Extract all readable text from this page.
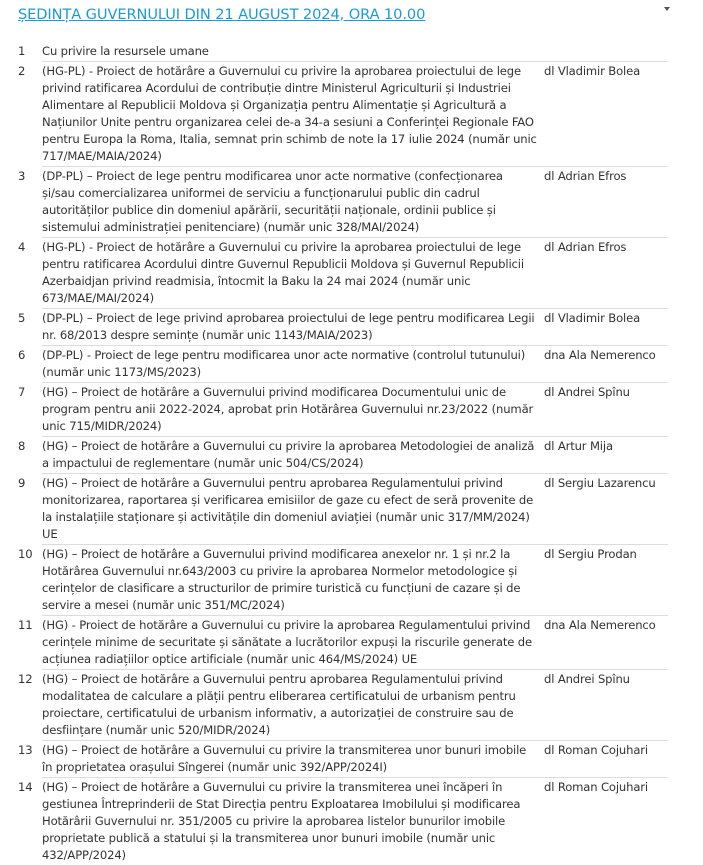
ȘEDINȚA GUVERNULUI DIN 21 AUGUST 2024, ORA 10.00
1	Cu privire la resursele umane	
2	(HG-PL) - Proiect de hotărâre a Guvernului cu privire la aprobarea proiectului de lege privind ratificarea Acordului de contribuție dintre Ministerul Agriculturii și Industriei Alimentare al Republicii Moldova și Organizația pentru Alimentație și Agricultură a Națiunilor Unite pentru organizarea celei de-a 34-a sesiuni a Conferinței Regionale FAO pentru Europa la Roma, Italia, semnat prin schimb de note la 17 iulie 2024 (număr unic 717/MAE/MAIA/2024)	dl Vladimir Bolea
3	(DP-PL) – Proiect de lege pentru modificarea unor acte normative (confecționarea și/sau comercializarea uniformei de serviciu a funcționarului public din cadrul autorităților publice din domeniul apărării, securității naționale, ordinii publice și sistemului administrației penitenciare) (număr unic 328/MAI/2024)	dl Adrian Efros
4	(HG-PL) - Proiect de hotărâre a Guvernului cu privire la aprobarea proiectului de lege pentru ratificarea Acordului dintre Guvernul Republicii Moldova și Guvernul Republicii Azerbaidjan privind readmisia, întocmit la Baku la 24 mai 2024 (număr unic 673/MAE/MAI/2024)	dl Adrian Efros
5	(DP-PL) – Proiect de lege privind aprobarea proiectului de lege pentru modificarea Legii nr. 68/2013 despre semințe (număr unic 1143/MAIA/2023)	dl Vladimir Bolea
6	(DP-PL) - Proiect de lege pentru modificarea unor acte normative (controlul tutunului) (număr unic 1173/MS/2023)	dna Ala Nemerenco
7	(HG) – Proiect de hotărâre a Guvernului privind modificarea Documentului unic de program pentru anii 2022-2024, aprobat prin Hotărârea Guvernului nr.23/2022 (număr unic 715/MIDR/2024)	dl Andrei Spînu
8	(HG) – Proiect de hotărâre a Guvernului cu privire la aprobarea Metodologiei de analiză a impactului de reglementare (număr unic 504/CS/2024)	dl Artur Mija
9	(HG) – Proiect de hotărâre a Guvernului pentru aprobarea Regulamentului privind monitorizarea, raportarea și verificarea emisiilor de gaze cu efect de seră provenite de la instalațiile staționare și activitățile din domeniul aviației (număr unic 317/MM/2024) UE	dl Sergiu Lazarencu
10	(HG) – Proiect de hotărâre a Guvernului privind modificarea anexelor nr. 1 și nr.2 la Hotărârea Guvernului nr.643/2003 cu privire la aprobarea Normelor metodologice și cerințelor de clasificare a structurilor de primire turistică cu funcțiuni de cazare și de servire a mesei (număr unic 351/MC/2024)	dl Sergiu Prodan
11	(HG) - Proiect de hotărâre a Guvernului cu privire la aprobarea Regulamentului privind cerințele minime de securitate și sănătate a lucrătorilor expuși la riscurile generate de acțiunea radiațiilor optice artificiale (număr unic 464/MS/2024) UE	dna Ala Nemerenco
12	(HG) – Proiect de hotărâre a Guvernului pentru aprobarea Regulamentului privind modalitatea de calculare a plății pentru eliberarea certificatului de urbanism pentru proiectare, certificatului de urbanism informativ, a autorizației de construire sau de desființare (număr unic 520/MIDR/2024)	dl Andrei Spînu
13	(HG) – Proiect de hotărâre a Guvernului cu privire la transmiterea unor bunuri imobile în proprietatea orașului Sîngerei (număr unic 392/APP/2024I)	dl Roman Cojuhari
14	(HG) – Proiect de hotărâre a Guvernului cu privire la transmiterea unei încăperi în gestiunea Întreprinderii de Stat Direcția pentru Exploatarea Imobilului și modificarea Hotărârii Guvernului nr. 351/2005 cu privire la aprobarea listelor bunurilor imobile proprietate publică a statului și la transmiterea unor bunuri imobile (număr unic 432/APP/2024)	dl Roman Cojuhari
